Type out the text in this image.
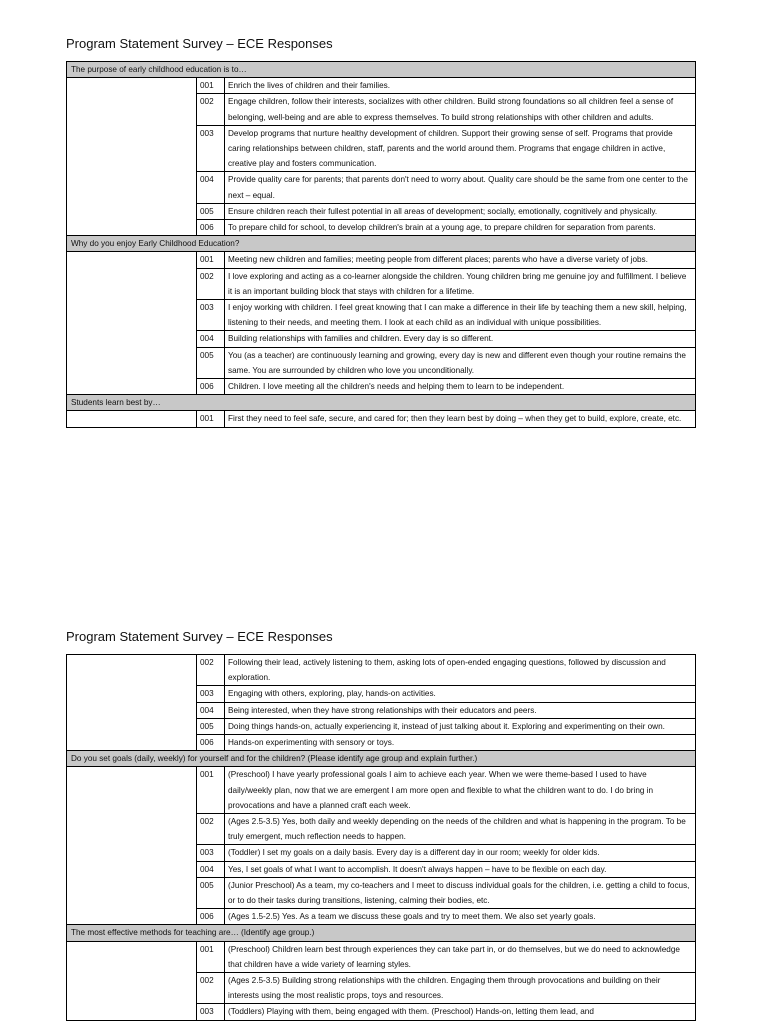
Program Statement Survey – ECE Responses
The purpose of early childhood education is to…		
	001	Enrich the lives of children and their families.
	002	Engage children, follow their interests, socializes with other children. Build strong foundations so all children feel a sense of belonging, well-being and are able to express themselves. To build strong relationships with other children and adults.
	003	Develop programs that nurture healthy development of children. Support their growing sense of self. Programs that provide caring relationships between children, staff, parents and the world around them. Programs that engage children in active, creative play and fosters communication.
	004	Provide quality care for parents; that parents don't need to worry about. Quality care should be the same from one center to the next – equal.
	005	Ensure children reach their fullest potential in all areas of development; socially, emotionally, cognitively and physically.
	006	To prepare child for school, to develop children's brain at a young age, to prepare children for separation from parents.
Why do you enjoy Early Childhood Education?		
	001	Meeting new children and families; meeting people from different places; parents who have a diverse variety of jobs.
	002	I love exploring and acting as a co-learner alongside the children. Young children bring me genuine joy and fulfillment. I believe it is an important building block that stays with children for a lifetime.
	003	I enjoy working with children. I feel great knowing that I can make a difference in their life by teaching them a new skill, helping, listening to their needs, and meeting them. I look at each child as an individual with unique possibilities.
	004	Building relationships with families and children. Every day is so different.
	005	You (as a teacher) are continuously learning and growing, every day is new and different even though your routine remains the same. You are surrounded by children who love you unconditionally.
	006	Children. I love meeting all the children's needs and helping them to learn to be independent.
Students learn best by…		
	001	First they need to feel safe, secure, and cared for; then they learn best by doing – when they get to build, explore, create, etc.
Program Statement Survey – ECE Responses
	002	Following their lead, actively listening to them, asking lots of open-ended engaging questions, followed by discussion and exploration.
	003	Engaging with others, exploring, play, hands-on activities.
	004	Being interested, when they have strong relationships with their educators and peers.
	005	Doing things hands-on, actually experiencing it, instead of just talking about it. Exploring and experimenting on their own.
	006	Hands-on experimenting with sensory or toys.
Do you set goals (daily, weekly) for yourself and for the children? (Please identify age group and explain further.)		
	001	(Preschool) I have yearly professional goals I aim to achieve each year. When we were theme-based I used to have daily/weekly plan, now that we are emergent I am more open and flexible to what the children want to do. I do bring in provocations and have a planned craft each week.
	002	(Ages 2.5-3.5) Yes, both daily and weekly depending on the needs of the children and what is happening in the program. To be truly emergent, much reflection needs to happen.
	003	(Toddler) I set my goals on a daily basis. Every day is a different day in our room; weekly for older kids.
	004	Yes, I set goals of what I want to accomplish. It doesn't always happen – have to be flexible on each day.
	005	(Junior Preschool) As a team, my co-teachers and I meet to discuss individual goals for the children, i.e. getting a child to focus, or to do their tasks during transitions, listening, calming their bodies, etc.
	006	(Ages 1.5-2.5) Yes. As a team we discuss these goals and try to meet them. We also set yearly goals.
The most effective methods for teaching are… (Identify age group.)		
	001	(Preschool) Children learn best through experiences they can take part in, or do themselves, but we do need to acknowledge that children have a wide variety of learning styles.
	002	(Ages 2.5-3.5) Building strong relationships with the children. Engaging them through provocations and building on their interests using the most realistic props, toys and resources.
	003	(Toddlers) Playing with them, being engaged with them. (Preschool) Hands-on, letting them lead, and
